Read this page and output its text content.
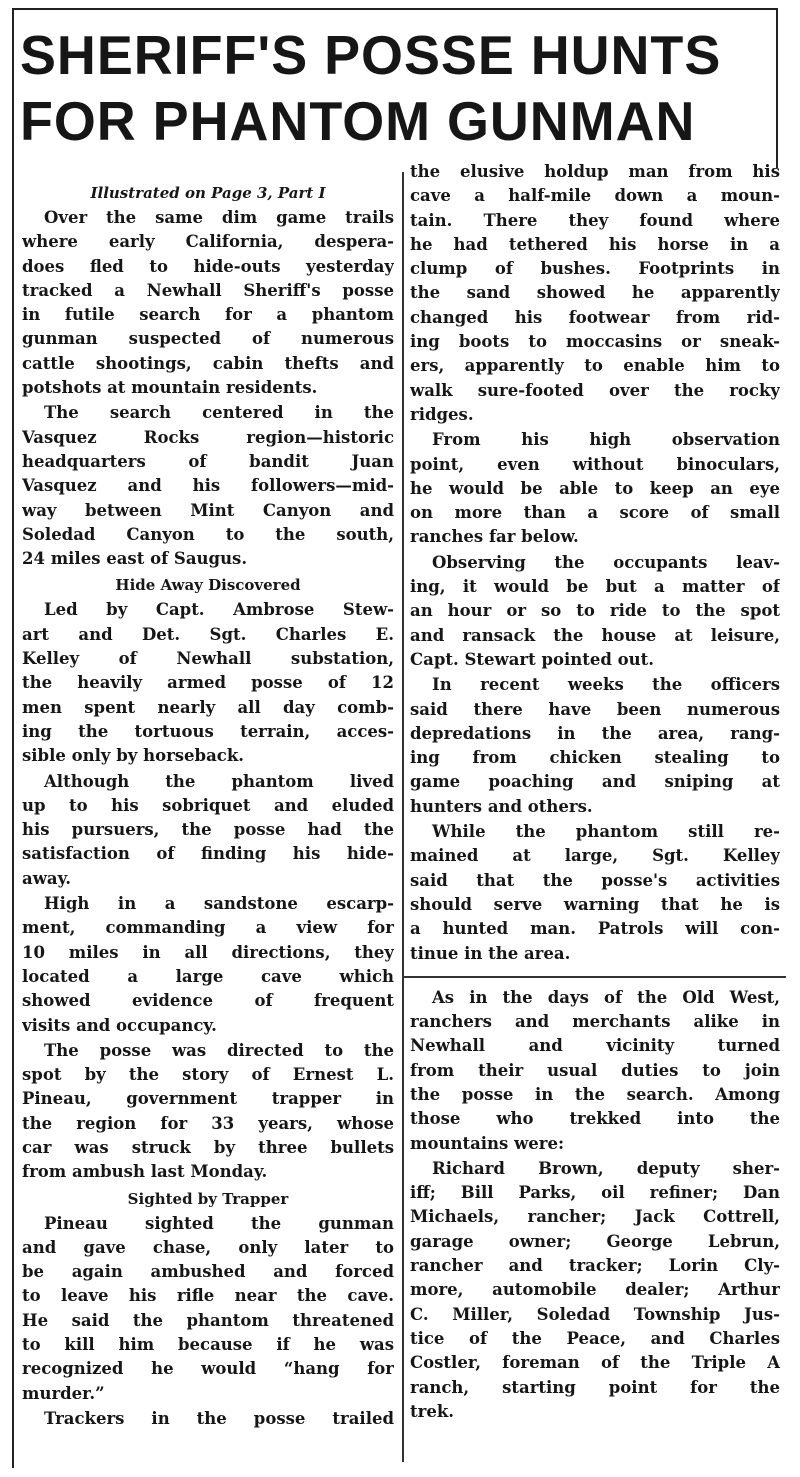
SHERIFF'S POSSE HUNTS
FOR PHANTOM GUNMAN
Illustrated on Page 3, Part I
Over the same dim game trails
where early California, despera-
does fled to hide-outs yesterday
tracked a Newhall Sheriff's posse
in futile search for a phantom
gunman suspected of numerous
cattle shootings, cabin thefts and
potshots at mountain residents.
The search centered in the
Vasquez Rocks region—historic
headquarters of bandit Juan
Vasquez and his followers—mid-
way between Mint Canyon and
Soledad Canyon to the south,
24 miles east of Saugus.
Hide Away Discovered
Led by Capt. Ambrose Stew-
art and Det. Sgt. Charles E.
Kelley of Newhall substation,
the heavily armed posse of 12
men spent nearly all day comb-
ing the tortuous terrain, acces-
sible only by horseback.
Although the phantom lived
up to his sobriquet and eluded
his pursuers, the posse had the
satisfaction of finding his hide-
away.
High in a sandstone escarp-
ment, commanding a view for
10 miles in all directions, they
located a large cave which
showed evidence of frequent
visits and occupancy.
The posse was directed to the
spot by the story of Ernest L.
Pineau, government trapper in
the region for 33 years, whose
car was struck by three bullets
from ambush last Monday.
Sighted by Trapper
Pineau sighted the gunman
and gave chase, only later to
be again ambushed and forced
to leave his rifle near the cave.
He said the phantom threatened
to kill him because if he was
recognized he would “hang for
murder.”
Trackers in the posse trailed
the elusive holdup man from his
cave a half-mile down a moun-
tain. There they found where
he had tethered his horse in a
clump of bushes. Footprints in
the sand showed he apparently
changed his footwear from rid-
ing boots to moccasins or sneak-
ers, apparently to enable him to
walk sure-footed over the rocky
ridges.
From his high observation
point, even without binoculars,
he would be able to keep an eye
on more than a score of small
ranches far below.
Observing the occupants leav-
ing, it would be but a matter of
an hour or so to ride to the spot
and ransack the house at leisure,
Capt. Stewart pointed out.
In recent weeks the officers
said there have been numerous
depredations in the area, rang-
ing from chicken stealing to
game poaching and sniping at
hunters and others.
While the phantom still re-
mained at large, Sgt. Kelley
said that the posse's activities
should serve warning that he is
a hunted man. Patrols will con-
tinue in the area.
As in the days of the Old West,
ranchers and merchants alike in
Newhall and vicinity turned
from their usual duties to join
the posse in the search. Among
those who trekked into the
mountains were:
Richard Brown, deputy sher-
iff; Bill Parks, oil refiner; Dan
Michaels, rancher; Jack Cottrell,
garage owner; George Lebrun,
rancher and tracker; Lorin Cly-
more, automobile dealer; Arthur
C. Miller, Soledad Township Jus-
tice of the Peace, and Charles
Costler, foreman of the Triple A
ranch, starting point for the
trek.
